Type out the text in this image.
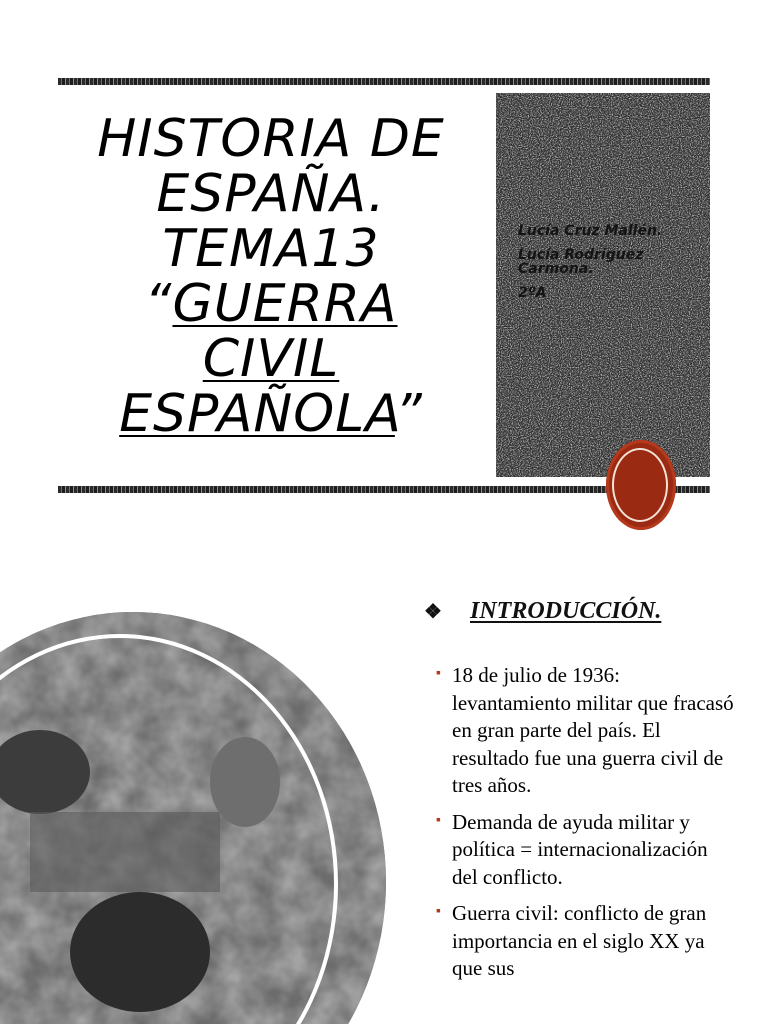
HISTORIA DE
ESPAÑA.
TEMA13
“GUERRA
CIVIL
ESPAÑOLA”

Lucía Cruz Mallén.

Lucía Rodríguez Carmona.

2ºA

❖ INTRODUCCIÓN.
▪ 18 de julio de 1936: levantamiento militar que fracasó en gran parte del país. El resultado fue una guerra civil de tres años.
▪ Demanda de ayuda militar y política = internacionalización del conflicto.
▪ Guerra civil: conflicto de gran importancia en el siglo XX ya que sus
